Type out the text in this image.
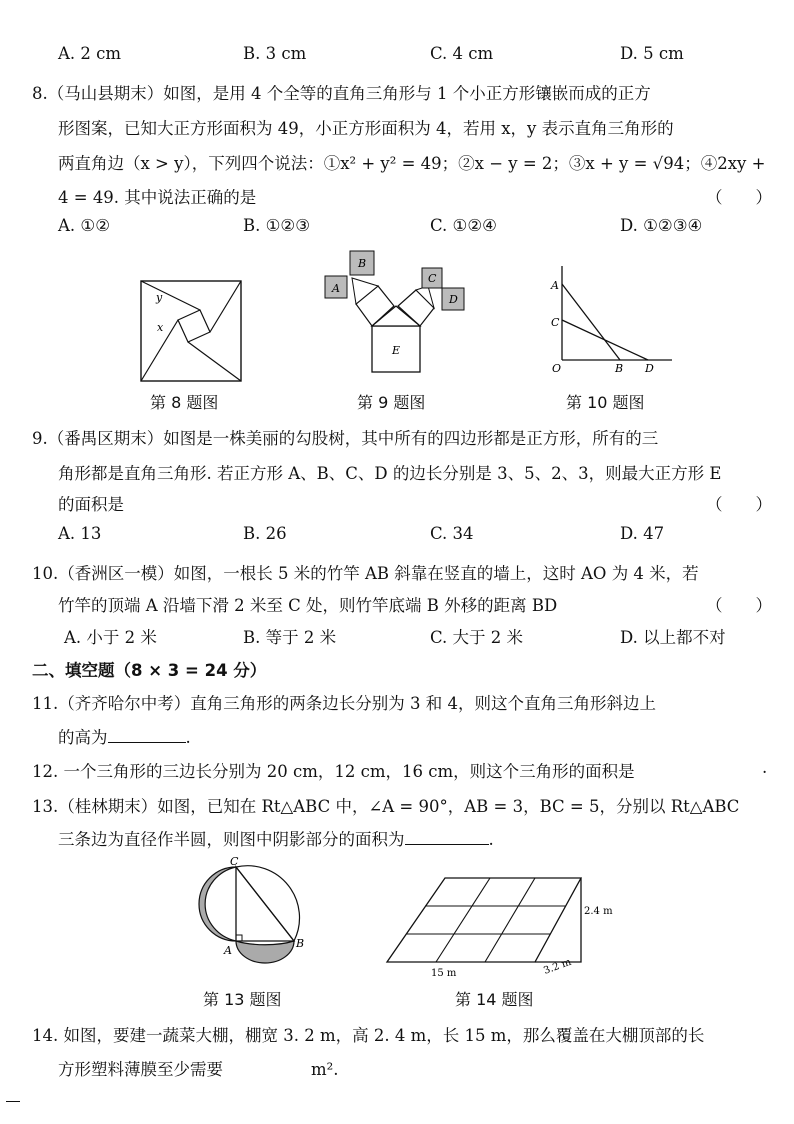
A. 2 cm	B. 3 cm	C. 4 cm	D. 5 cm
8.（马山县期末）如图，是用 4 个全等的直角三角形与 1 个小正方形镶嵌而成的正方
形图案，已知大正方形面积为 49，小正方形面积为 4，若用 x，y 表示直角三角形的
两直角边（x > y），下列四个说法：①x² + y² = 49；②x − y = 2；③x + y = √94；④2xy +
4 = 49. 其中说法正确的是	（　　）
A. ①②	B. ①②③	C. ①②④	D. ①②③④
y
x
第 8 题图
A
B
C
D
E
第 9 题图
A
C
O	B D
第 10 题图
9.（番禺区期末）如图是一株美丽的勾股树，其中所有的四边形都是正方形，所有的三
角形都是直角三角形. 若正方形 A、B、C、D 的边长分别是 3、5、2、3，则最大正方形 E
的面积是	（　　）
A. 13	B. 26	C. 34	D. 47
10.（香洲区一模）如图，一根长 5 米的竹竿 AB 斜靠在竖直的墙上，这时 AO 为 4 米，若
竹竿的顶端 A 沿墙下滑 2 米至 C 处，则竹竿底端 B 外移的距离 BD	（　　）
A. 小于 2 米	B. 等于 2 米	C. 大于 2 米	D. 以上都不对
二、填空题（8 × 3 = 24 分）
11.（齐齐哈尔中考）直角三角形的两条边长分别为 3 和 4，则这个直角三角形斜边上
的高为	.
12. 一个三角形的三边长分别为 20 cm，12 cm，16 cm，则这个三角形的面积是	.
13.（桂林期末）如图，已知在 Rt△ABC 中，∠A = 90°，AB = 3，BC = 5，分别以 Rt△ABC
三条边为直径作半圆，则图中阴影部分的面积为	.
C
A
B
第 13 题图
2.4 m
3.2 m
15 m
第 14 题图
14. 如图，要建一蔬菜大棚，棚宽 3. 2 m，高 2. 4 m，长 15 m，那么覆盖在大棚顶部的长
方形塑料薄膜至少需要	m².
